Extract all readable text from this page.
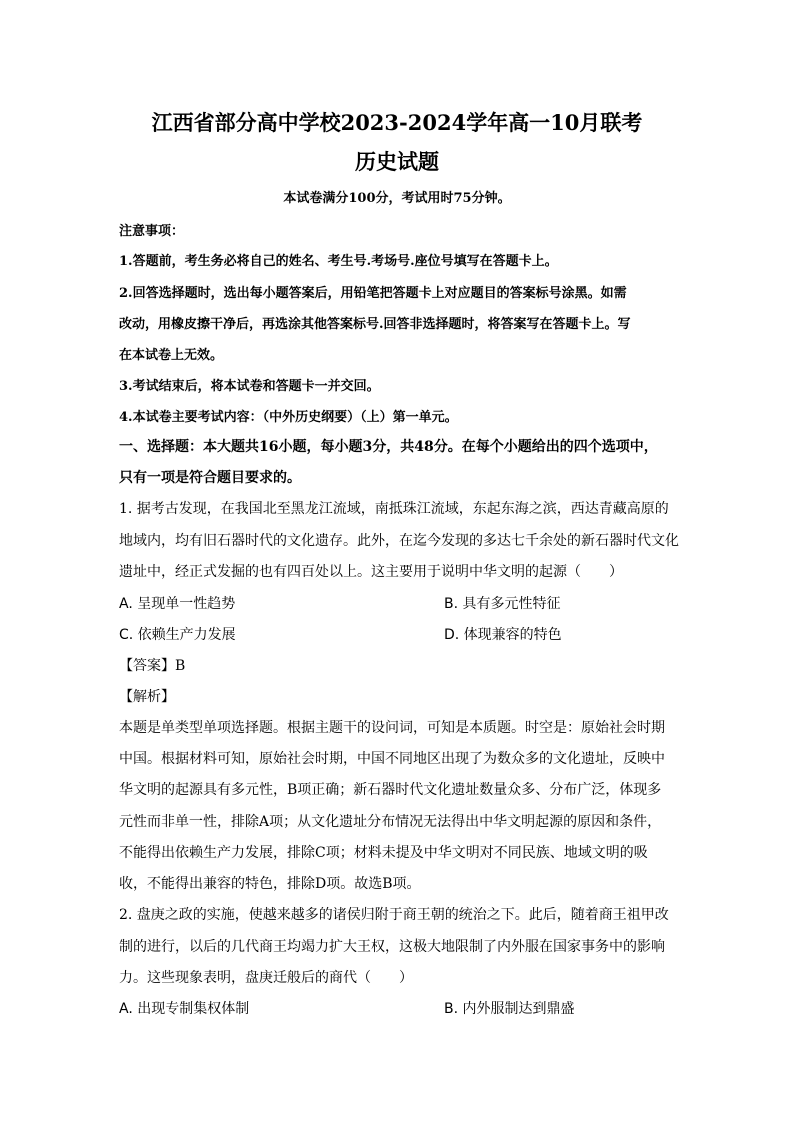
江西省部分高中学校2023-2024学年高一10月联考
历史试题
本试卷满分100分，考试用时75分钟。
注意事项：
1.答题前，考生务必将自己的姓名、考生号.考场号.座位号填写在答题卡上。
2.回答选择题时，选出每小题答案后，用铅笔把答题卡上对应题目的答案标号涂黑。如需
改动，用橡皮擦干净后，再选涂其他答案标号.回答非选择题时，将答案写在答题卡上。写
在本试卷上无效。
3.考试结束后，将本试卷和答题卡一并交回。
4.本试卷主要考试内容：（中外历史纲要）（上）第一单元。
一、选择题：本大题共16小题，每小题3分，共48分。在每个小题给出的四个选项中，
只有一项是符合题目要求的。
1. 据考古发现，在我国北至黑龙江流域，南抵珠江流域，东起东海之滨，西达青藏高原的
地域内，均有旧石器时代的文化遗存。此外，在迄今发现的多达七千余处的新石器时代文化
遗址中，经正式发掘的也有四百处以上。这主要用于说明中华文明的起源（　　）
A. 呈现单一性趋势	B. 具有多元性特征
C. 依赖生产力发展	D. 体现兼容的特色
【答案】B
【解析】
本题是单类型单项选择题。根据主题干的设问词，可知是本质题。时空是：原始社会时期
中国。根据材料可知，原始社会时期，中国不同地区出现了为数众多的文化遗址，反映中
华文明的起源具有多元性，B项正确；新石器时代文化遗址数量众多、分布广泛，体现多
元性而非单一性，排除A项；从文化遗址分布情况无法得出中华文明起源的原因和条件，
不能得出依赖生产力发展，排除C项；材料未提及中华文明对不同民族、地域文明的吸
收，不能得出兼容的特色，排除D项。故选B项。
2. 盘庚之政的实施，使越来越多的诸侯归附于商王朝的统治之下。此后，随着商王祖甲改
制的进行，以后的几代商王均竭力扩大王权，这极大地限制了内外服在国家事务中的影响
力。这些现象表明，盘庚迁般后的商代（　　）
A. 出现专制集权体制	B. 内外服制达到鼎盛
